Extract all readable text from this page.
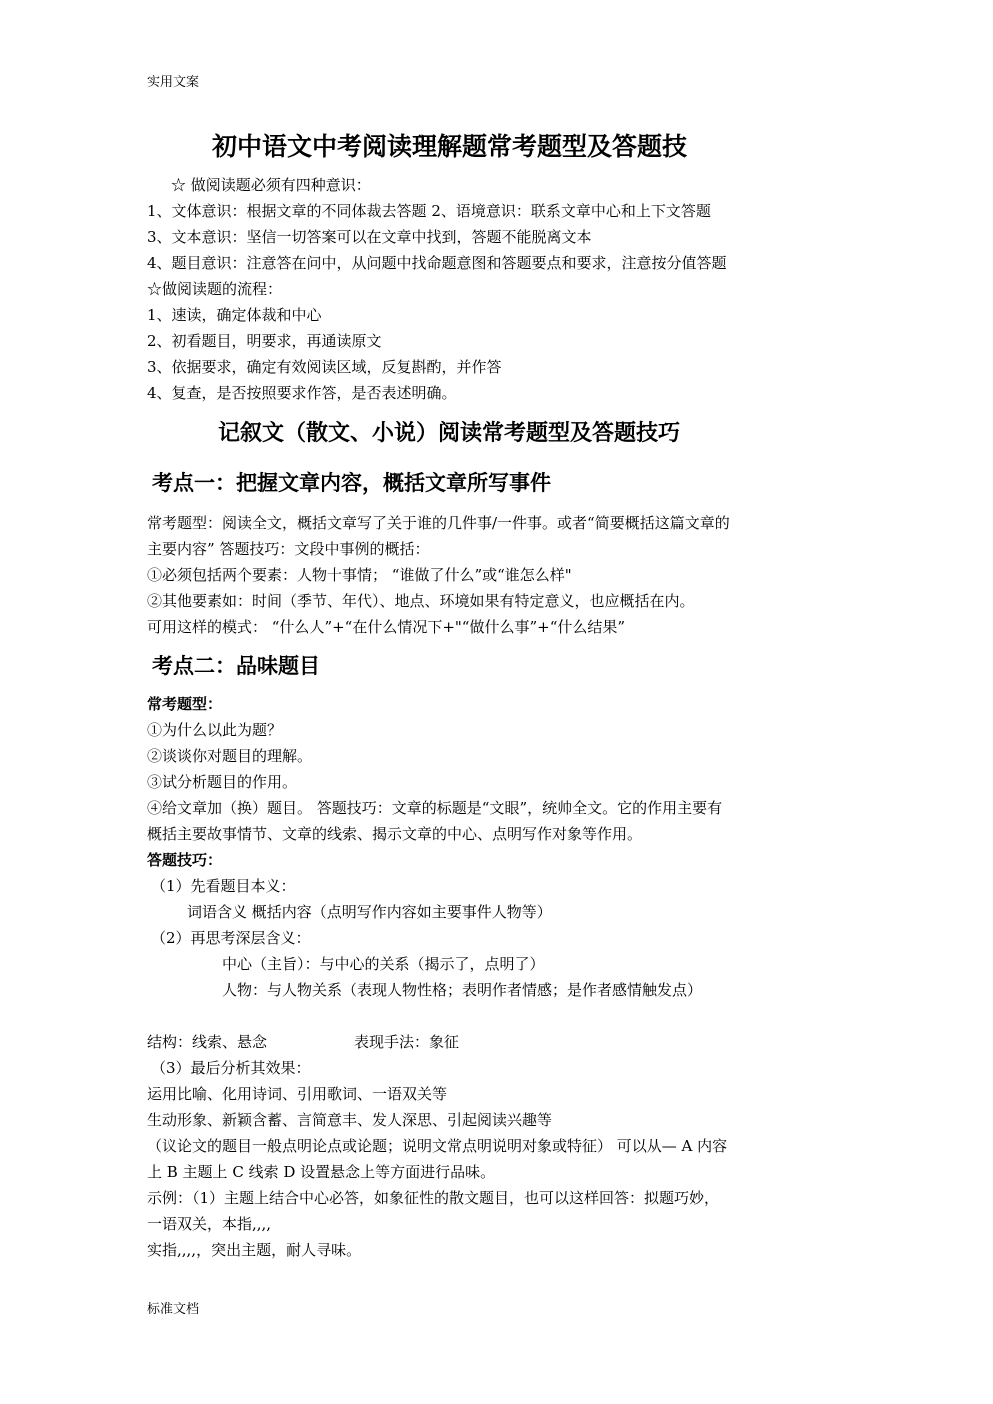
实用文案
初中语文中考阅读理解题常考题型及答题技
☆ 做阅读题必须有四种意识：
1、文体意识：根据文章的不同体裁去答题 2、语境意识：联系文章中心和上下文答题
3、文本意识：坚信一切答案可以在文章中找到，答题不能脱离文本
4、题目意识：注意答在问中，从问题中找命题意图和答题要点和要求，注意按分值答题
☆做阅读题的流程：
1、速读，确定体裁和中心
2、初看题目，明要求，再通读原文
3、依据要求，确定有效阅读区域，反复斟酌，并作答
4、复查，是否按照要求作答，是否表述明确。
记叙文（散文、小说）阅读常考题型及答题技巧
考点一：把握文章内容，概括文章所写事件
常考题型：阅读全文，概括文章写了关于谁的几件事/一件事。或者“简要概括这篇文章的
主要内容” 答题技巧：文段中事例的概括：
①必须包括两个要素：人物十事情； “谁做了什么”或“谁怎么样"
②其他要素如：时间（季节、年代）、地点、环境如果有特定意义，也应概括在内。
可用这样的模式： “什么人”+“在什么情况下+"“做什么事”+“什么结果”
考点二：品味题目
常考题型：
①为什么以此为题？
②谈谈你对题目的理解。
③试分析题目的作用。
④给文章加（换）题目。 答题技巧：文章的标题是“文眼”，统帅全文。它的作用主要有
概括主要故事情节、文章的线索、揭示文章的中心、点明写作对象等作用。
答题技巧：
（1）先看题目本义：
词语含义 概括内容（点明写作内容如主要事件人物等）
（2）再思考深层含义：
中心（主旨）：与中心的关系（揭示了，点明了）
人物：与人物关系（表现人物性格；表明作者情感；是作者感情触发点）
结构：线索、悬念	表现手法：象征
（3）最后分析其效果：
运用比喻、化用诗词、引用歌词、一语双关等
生动形象、新颖含蓄、言简意丰、发人深思、引起阅读兴趣等
（议论文的题目一般点明论点或论题；说明文常点明说明对象或特征） 可以从— A 内容
上 B 主题上 C 线索 D 设置悬念上等方面进行品味。
示例：（1）主题上结合中心必答，如象征性的散文题目，也可以这样回答：拟题巧妙，
一语双关，本指,,,,
实指,,,,，突出主题，耐人寻味。
标准文档
